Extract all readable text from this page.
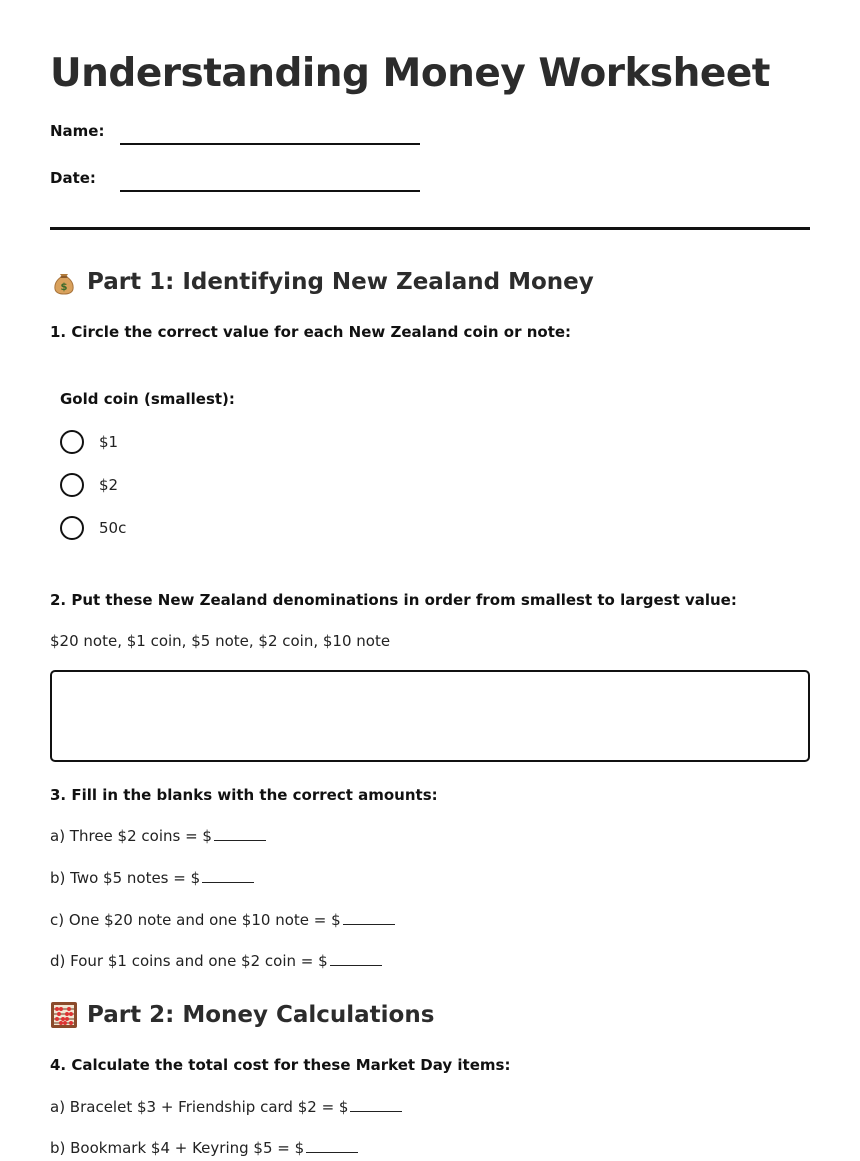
Understanding Money Worksheet
Name:
Date:
$ Part 1: Identifying New Zealand Money
1. Circle the correct value for each New Zealand coin or note:
Gold coin (smallest):
$1
$2
50c
2. Put these New Zealand denominations in order from smallest to largest value:
$20 note, $1 coin, $5 note, $2 coin, $10 note
3. Fill in the blanks with the correct amounts:
a) Three $2 coins = $
b) Two $5 notes = $
c) One $20 note and one $10 note = $
d) Four $1 coins and one $2 coin = $
Part 2: Money Calculations
4. Calculate the total cost for these Market Day items:
a) Bracelet $3 + Friendship card $2 = $
b) Bookmark $4 + Keyring $5 = $
